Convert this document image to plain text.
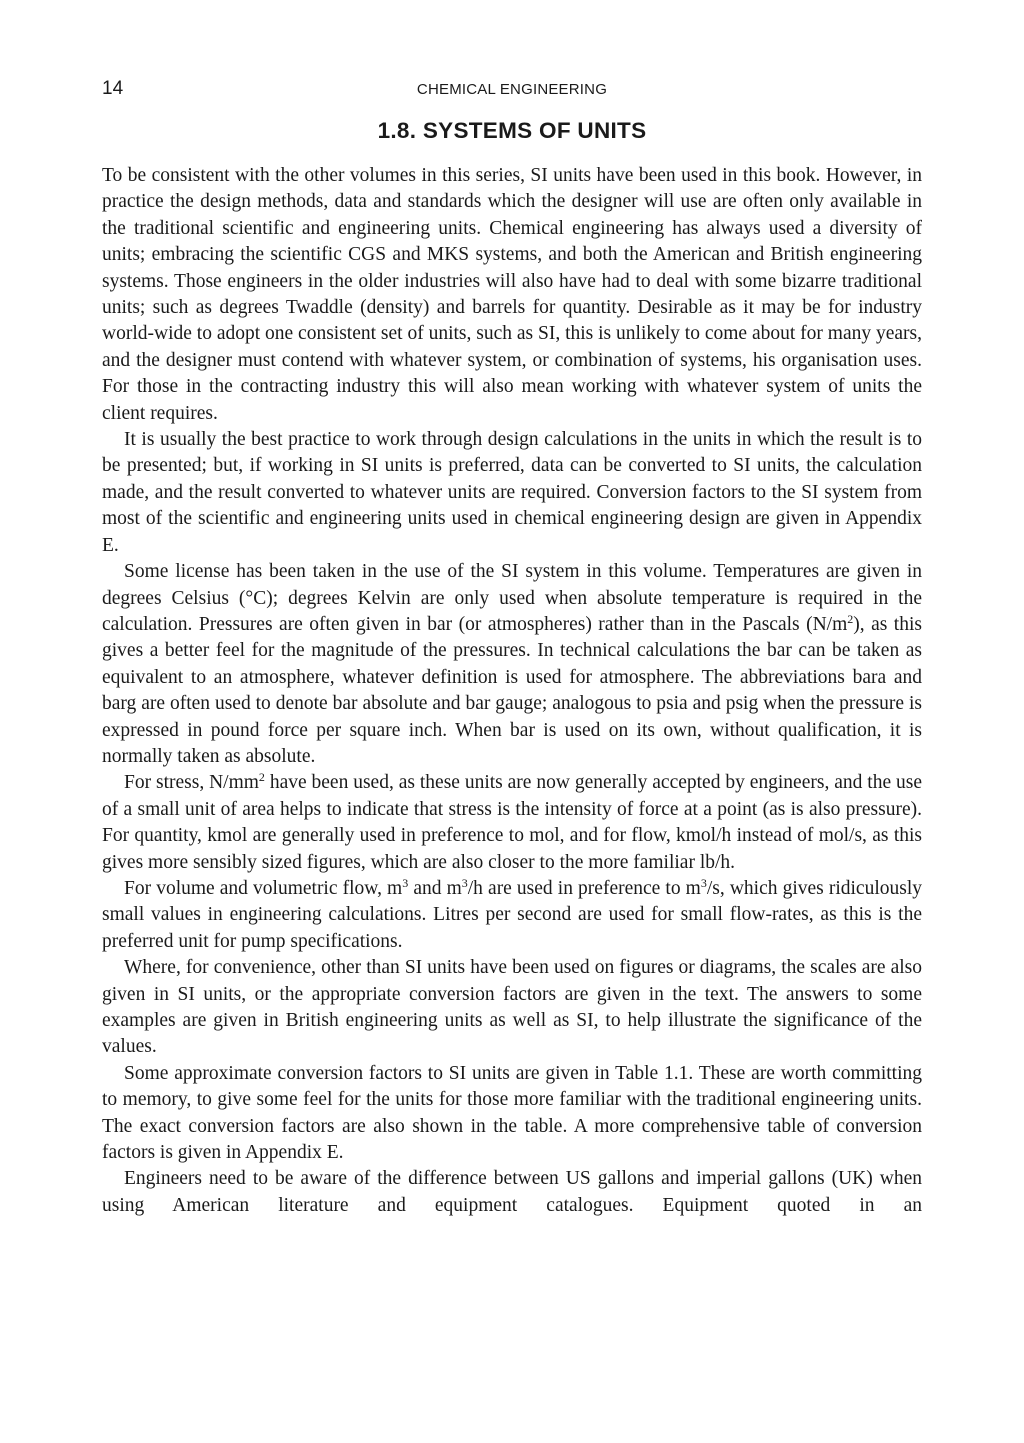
14	CHEMICAL ENGINEERING
1.8. SYSTEMS OF UNITS

To be consistent with the other volumes in this series, SI units have been used in this book. However, in practice the design methods, data and standards which the designer will use are often only available in the traditional scientific and engineering units. Chemical engineering has always used a diversity of units; embracing the scientific CGS and MKS systems, and both the American and British engineering systems. Those engineers in the older industries will also have had to deal with some bizarre traditional units; such as degrees Twaddle (density) and barrels for quantity. Desirable as it may be for industry world-wide to adopt one consistent set of units, such as SI, this is unlikely to come about for many years, and the designer must contend with whatever system, or combination of systems, his organisation uses. For those in the contracting industry this will also mean working with whatever system of units the client requires.

It is usually the best practice to work through design calculations in the units in which the result is to be presented; but, if working in SI units is preferred, data can be converted to SI units, the calculation made, and the result converted to whatever units are required. Conversion factors to the SI system from most of the scientific and engineering units used in chemical engineering design are given in Appendix E.

Some license has been taken in the use of the SI system in this volume. Temperatures are given in degrees Celsius (°C); degrees Kelvin are only used when absolute temperature is required in the calculation. Pressures are often given in bar (or atmospheres) rather than in the Pascals $(N/m^2)$, as this gives a better feel for the magnitude of the pressures. In technical calculations the bar can be taken as equivalent to an atmosphere, whatever definition is used for atmosphere. The abbreviations bara and barg are often used to denote bar absolute and bar gauge; analogous to psia and psig when the pressure is expressed in pound force per square inch. When bar is used on its own, without qualification, it is normally taken as absolute.

For stress, $N/mm^2$ have been used, as these units are now generally accepted by engineers, and the use of a small unit of area helps to indicate that stress is the intensity of force at a point (as is also pressure). For quantity, kmol are generally used in preference to mol, and for flow, kmol/h instead of mol/s, as this gives more sensibly sized figures, which are also closer to the more familiar lb/h.

For volume and volumetric flow, $m^3$ and $m^3/h$ are used in preference to $m^3/s$, which gives ridiculously small values in engineering calculations. Litres per second are used for small flow-rates, as this is the preferred unit for pump specifications.

Where, for convenience, other than SI units have been used on figures or diagrams, the scales are also given in SI units, or the appropriate conversion factors are given in the text. The answers to some examples are given in British engineering units as well as SI, to help illustrate the significance of the values.

Some approximate conversion factors to SI units are given in Table 1.1. These are worth committing to memory, to give some feel for the units for those more familiar with the traditional engineering units. The exact conversion factors are also shown in the table. A more comprehensive table of conversion factors is given in Appendix E.

Engineers need to be aware of the difference between US gallons and imperial gallons (UK) when using American literature and equipment catalogues. Equipment quoted in an
